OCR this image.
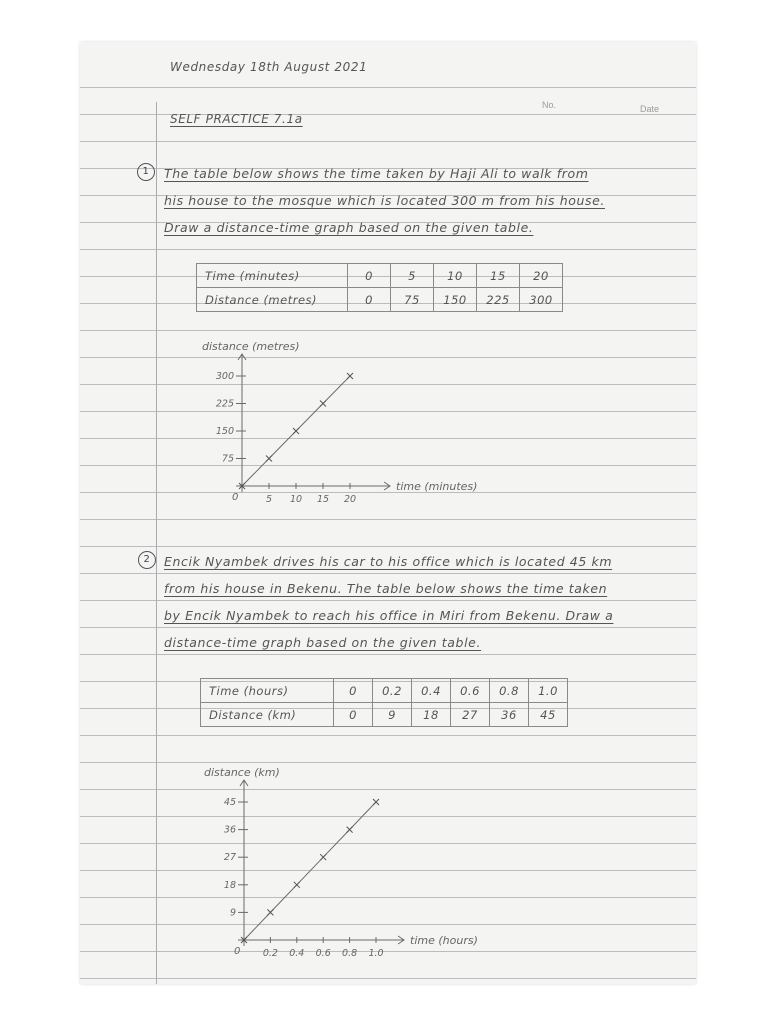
No.	Date
Wednesday 18th August 2021
SELF PRACTICE 7.1a
1	The table below shows the time taken by Haji Ali to walk from
his house to the mosque which is located 300 m from his house.
Draw a distance-time graph based on the given table.
Time (minutes)	0	5	10	15	20
Distance (metres)	0	75	150	225	300
distance (metres)
time (minutes)
0
75
150
225
300
5 10 15 20
2	Encik Nyambek drives his car to his office which is located 45 km
from his house in Bekenu. The table below shows the time taken
by Encik Nyambek to reach his office in Miri from Bekenu. Draw a
distance-time graph based on the given table.
Time (hours)	0	0.2	0.4	0.6	0.8	1.0
Distance (km)	0	9	18	27	36	45
distance (km)
time (hours)
0
9
18
27
36
45
0.2 0.4 0.6 0.8 1.0
